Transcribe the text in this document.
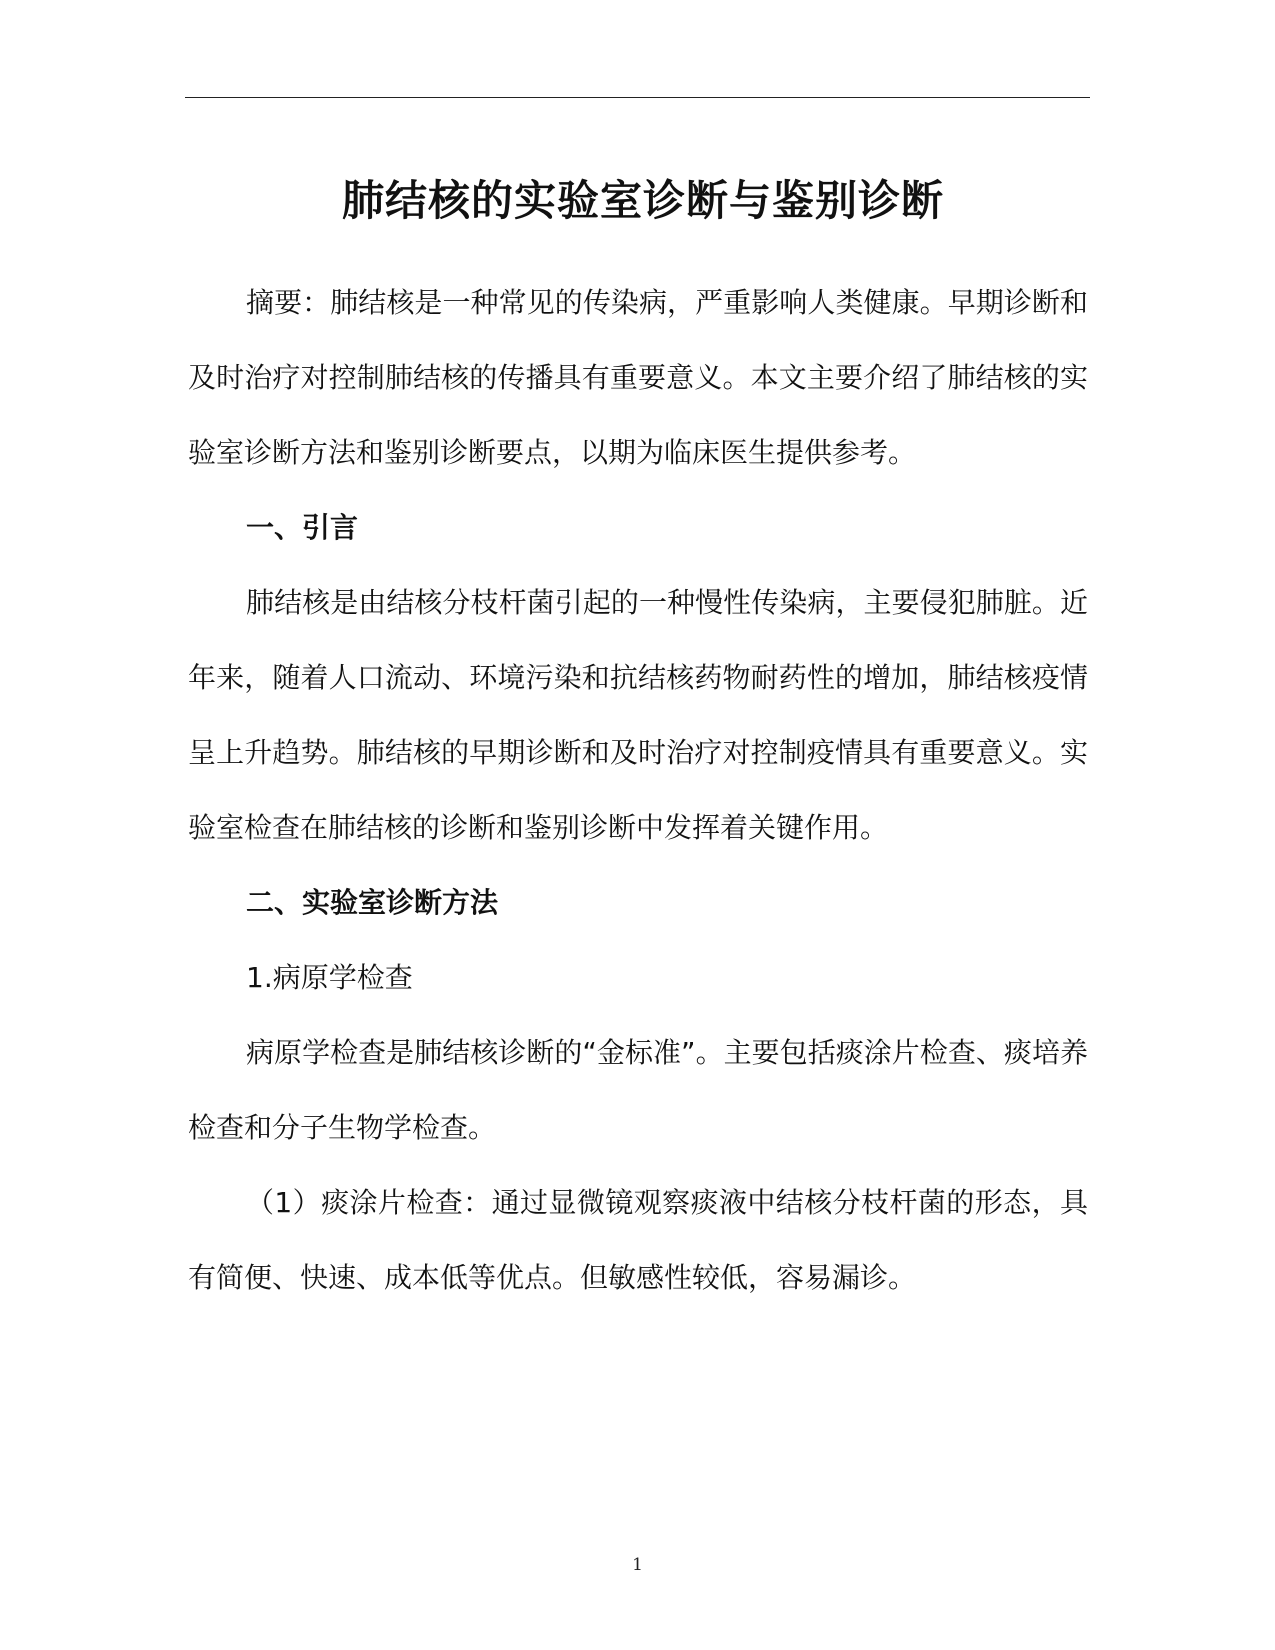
肺结核的实验室诊断与鉴别诊断

摘要：肺结核是一种常见的传染病，严重影响人类健康。早期诊断和及时治疗对控制肺结核的传播具有重要意义。本文主要介绍了肺结核的实验室诊断方法和鉴别诊断要点，以期为临床医生提供参考。

一、引言

肺结核是由结核分枝杆菌引起的一种慢性传染病，主要侵犯肺脏。近年来，随着人口流动、环境污染和抗结核药物耐药性的增加，肺结核疫情呈上升趋势。肺结核的早期诊断和及时治疗对控制疫情具有重要意义。实验室检查在肺结核的诊断和鉴别诊断中发挥着关键作用。

二、实验室诊断方法

1.病原学检查

病原学检查是肺结核诊断的“金标准”。主要包括痰涂片检查、痰培养检查和分子生物学检查。

（1）痰涂片检查：通过显微镜观察痰液中结核分枝杆菌的形态，具有简便、快速、成本低等优点。但敏感性较低，容易漏诊。

1
